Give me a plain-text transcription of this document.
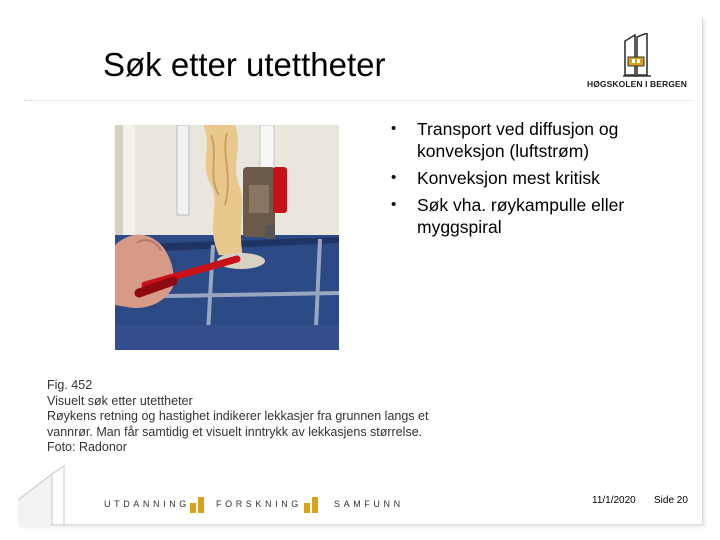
Søk etter utettheter
HØGSKOLEN I BERGEN
• Transport ved diffusjon og konveksjon (luftstrøm)
• Konveksjon mest kritisk
• Søk vha. røykampulle eller myggspiral
Fig. 452
Visuelt søk etter utettheter
Røykens retning og hastighet indikerer lekkasjer fra grunnen langs et
vannrør. Man får samtidig et visuelt inntrykk av lekkasjens størrelse.
Foto: Radonor
UTDANNING	FORSKNING	SAMFUNN	11/1/2020 Side 20
